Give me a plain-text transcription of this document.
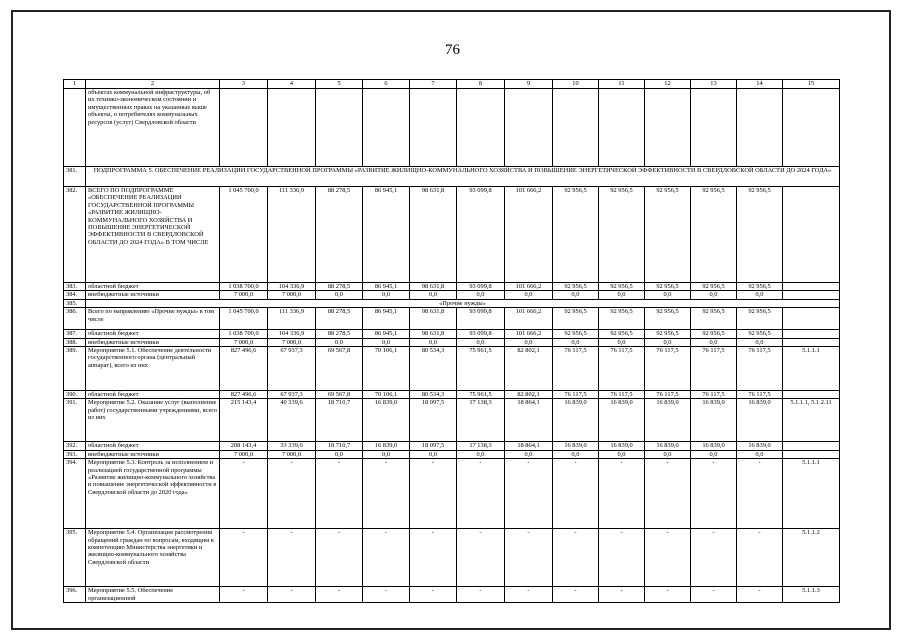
76
1	2	3	4	5	6	7	8	9	10	11	12	13	14	15
	объектах коммунальной инфраструктуры, об их технико-экономическом состоянии и имущественных правах на указанные выше объекты, о потребителях коммунальных ресурсов (услуг) Свердловской области													
381.	ПОДПРОГРАММА 5. ОБЕСПЕЧЕНИЕ РЕАЛИЗАЦИИ ГОСУДАРСТВЕННОЙ ПРОГРАММЫ «РАЗВИТИЕ ЖИЛИЩНО-КОММУНАЛЬНОГО ХОЗЯЙСТВА И ПОВЫШЕНИЕ ЭНЕРГЕТИЧЕСКОЙ ЭФФЕКТИВНОСТИ В СВЕРДЛОВСКОЙ ОБЛАСТИ ДО 2024 ГОДА»													
382.	ВСЕГО ПО ПОДПРОГРАММЕ «ОБЕСПЕЧЕНИЕ РЕАЛИЗАЦИИ ГОСУДАРСТВЕННОЙ ПРОГРАММЫ «РАЗВИТИЕ ЖИЛИЩНО-КОММУНАЛЬНОГО ХОЗЯЙСТВА И ПОВЫШЕНИЕ ЭНЕРГЕТИЧЕСКОЙ ЭФФЕКТИВНОСТИ В СВЕРДЛОВСКОЙ ОБЛАСТИ ДО 2024 ГОДА» В ТОМ ЧИСЛЕ	1 045 700,0	111 336,9	88 278,5	86 945,1	98 631,8	93 099,8	101 666,2	92 956,5	92 956,5	92 956,5	92 956,5	92 956,5	
383.	областной бюджет	1 038 700,0	104 336,9	88 278,5	86 945,1	98 631,8	93 099,8	101 666,2	92 956,5	92 956,5	92 956,5	92 956,5	92 956,5	
384.	внебюджетные источники	7 000,0	7 000,0	0,0	0,0	0,0	0,0	0,0	0,0	0,0	0,0	0,0	0,0	
385.	«Прочие нужды»													
386.	Всего по направлению «Прочие нужды» в том числе	1 045 700,0	111 336,9	88 278,5	86 945,1	98 631,8	93 099,8	101 666,2	92 956,5	92 956,5	92 956,5	92 956,5	92 956,5	
387.	областной бюджет	1 038 700,0	104 336,9	88 278,5	86 945,1	98 631,8	93 099,8	101 666,2	92 956,5	92 956,5	92 956,5	92 956,5	92 956,5	
388.	внебюджетные источники	7 000,0	7 000,0	0,0	0,0	0,0	0,0	0,0	0,0	0,0	0,0	0,0	0,0	
389.	Мероприятие 5.1. Обеспечение деятельности государственного органа (центральный аппарат), всего из них	827 496,6	67 937,3	69 567,8	70 106,1	80 534,3	75 961,5	82 802,1	76 117,5	76 117,5	76 117,5	76 117,5	76 117,5	5.1.1.1
390.	областной бюджет	827 496,6	67 937,3	69 567,8	70 106,1	80 534,3	75 961,5	82 802,1	76 117,5	76 117,5	76 117,5	76 117,5	76 117,5	
391.	Мероприятие 5.2. Оказание услуг (выполнение работ) государственными учреждениями, всего из них	215 143,4	40 339,6	18 710,7	16 839,0	18 097,5	17 138,3	18 864,1	16 839,0	16 839,0	16 839,0	16 839,0	16 839,0	5.1.1.1, 5.1.2.11
392.	областной бюджет	208 143,4	33 339,6	18 710,7	16 839,0	18 097,5	17 138,3	18 864,1	16 839,0	16 839,0	16 839,0	16 839,0	16 839,0	
393.	внебюджетные источники	7 000,0	7 000,0	0,0	0,0	0,0	0,0	0,0	0,0	0,0	0,0	0,0	0,0	
394.	Мероприятие 5.3. Контроль за исполнением и реализацией государственной программы «Развитие жилищно-коммунального хозяйства и повышение энергетической эффективности в Свердловской области до 2020 года»	-	-	-	-	-	-	-	-	-	-	-	-	5.1.1.1
395.	Мероприятие 5.4. Организация рассмотрения обращений граждан по вопросам, входящим в компетенцию Министерства энергетики и жилищно-коммунального хозяйства Свердловской области	-	-	-	-	-	-	-	-	-	-	-	-	5.1.1.2
396.	Мероприятие 5.5. Обеспечение организационной	-	-	-	-	-	-	-	-	-	-	-	-	5.1.1.3
